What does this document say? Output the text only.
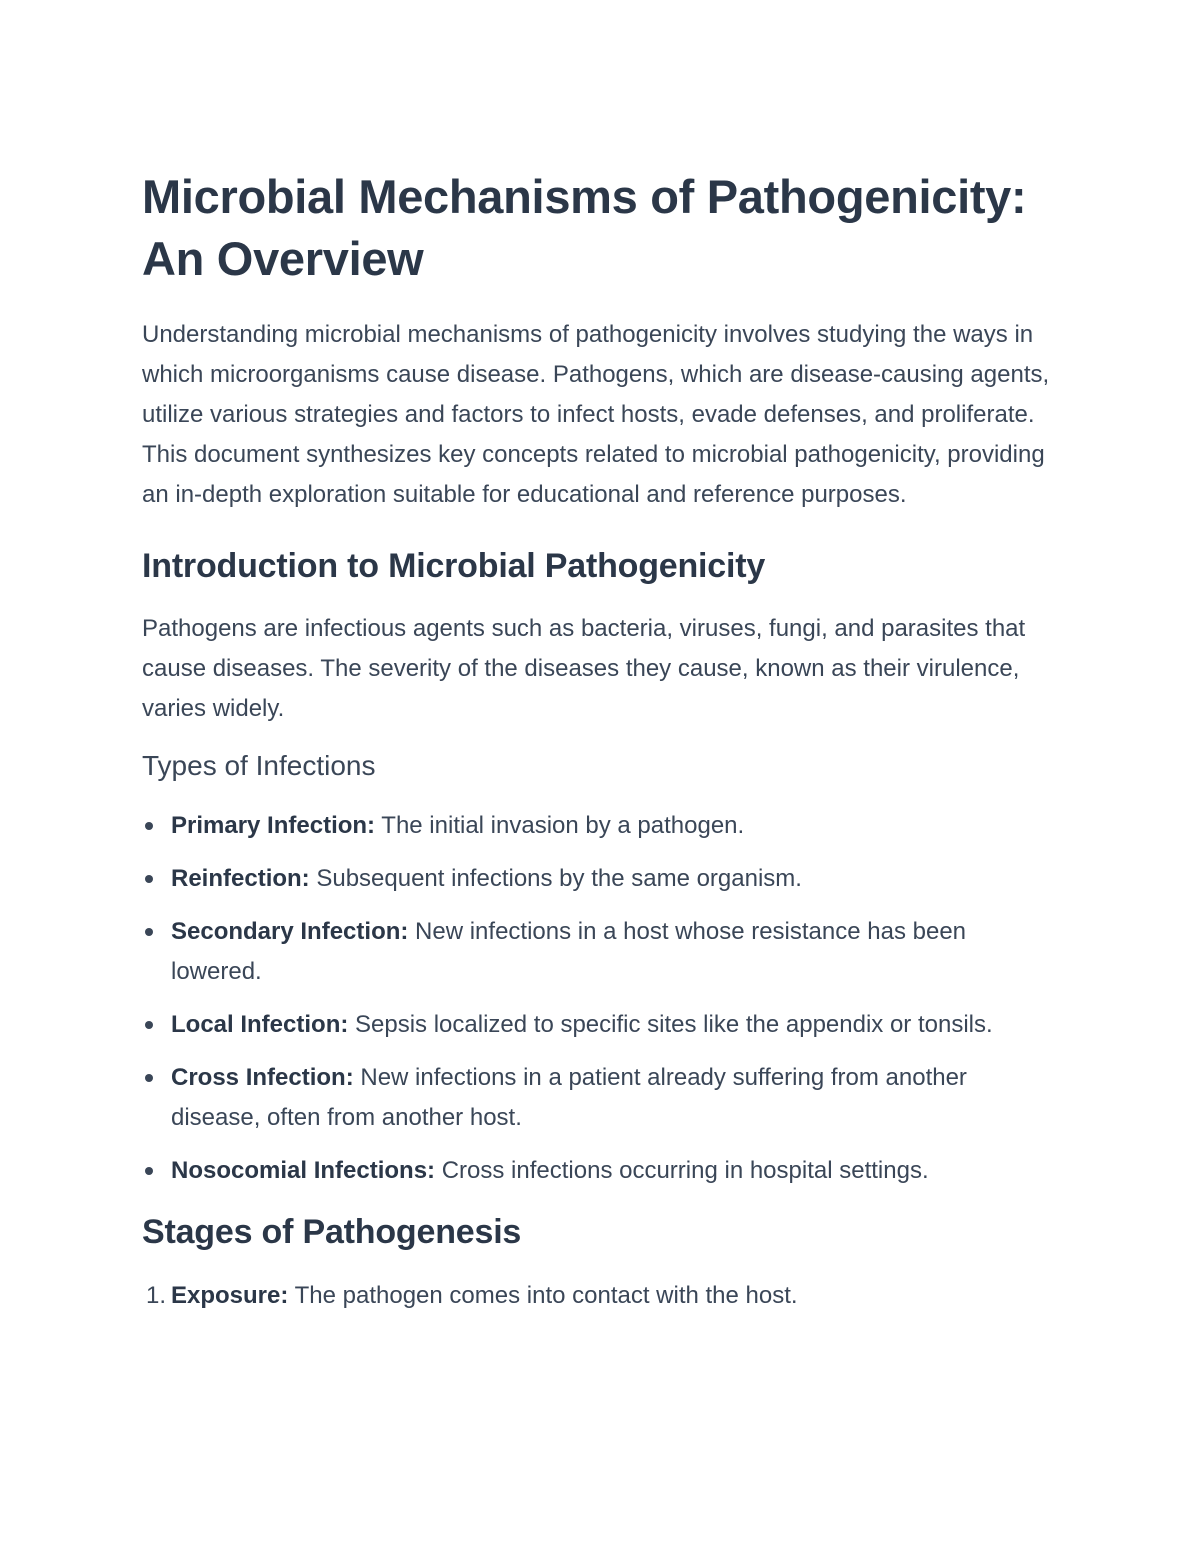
Microbial Mechanisms of Pathogenicity: An Overview

Understanding microbial mechanisms of pathogenicity involves studying the ways in which microorganisms cause disease. Pathogens, which are disease-causing agents, utilize various strategies and factors to infect hosts, evade defenses, and proliferate. This document synthesizes key concepts related to microbial pathogenicity, providing an in-depth exploration suitable for educational and reference purposes.

Introduction to Microbial Pathogenicity

Pathogens are infectious agents such as bacteria, viruses, fungi, and parasites that cause diseases. The severity of the diseases they cause, known as their virulence, varies widely.

Types of Infections
Primary Infection: The initial invasion by a pathogen.
Reinfection: Subsequent infections by the same organism.
Secondary Infection: New infections in a host whose resistance has been lowered.
Local Infection: Sepsis localized to specific sites like the appendix or tonsils.
Cross Infection: New infections in a patient already suffering from another disease, often from another host.
Nosocomial Infections: Cross infections occurring in hospital settings.
Stages of Pathogenesis
1. Exposure: The pathogen comes into contact with the host.
